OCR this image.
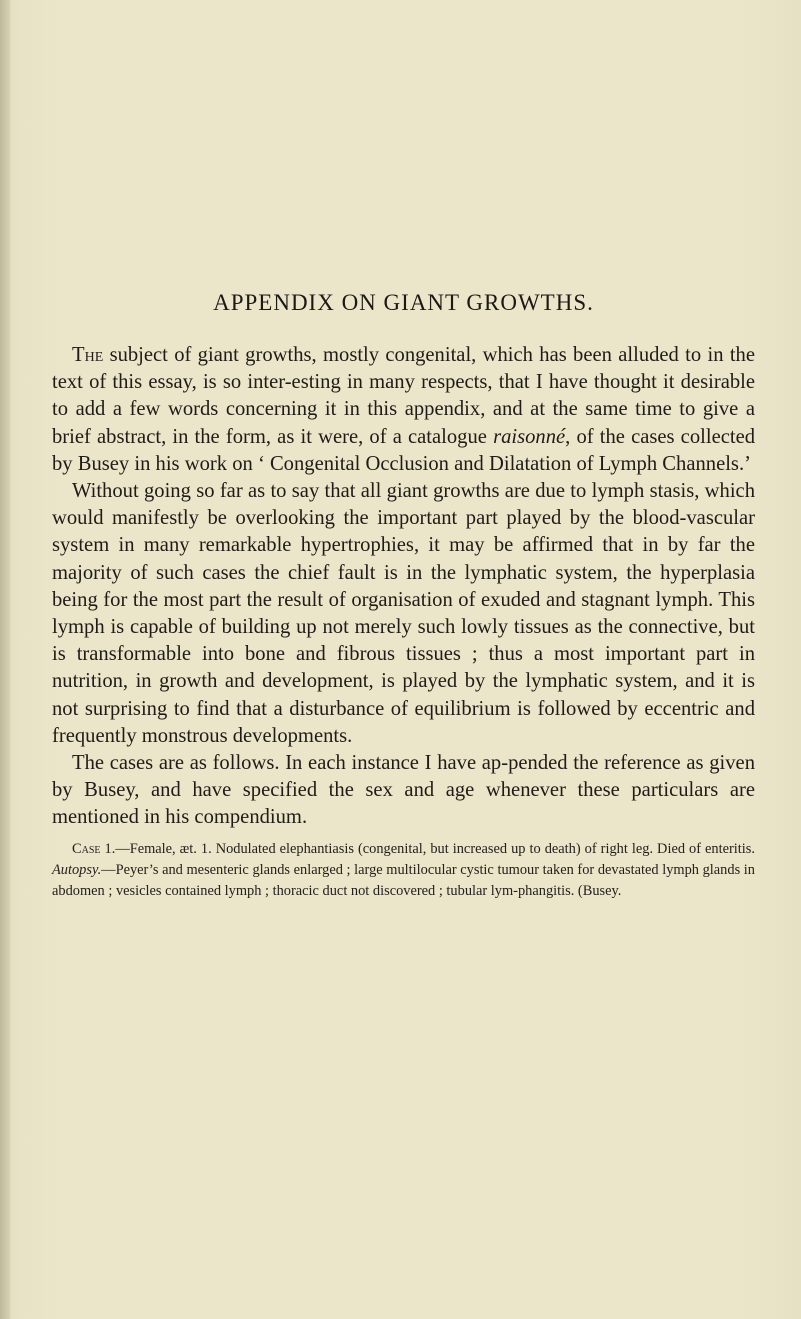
APPENDIX ON GIANT GROWTHS.

The subject of giant growths, mostly congenital, which has been alluded to in the text of this essay, is so inter-esting in many respects, that I have thought it desirable to add a few words concerning it in this appendix, and at the same time to give a brief abstract, in the form, as it were, of a catalogue raisonné, of the cases collected by Busey in his work on ‘ Congenital Occlusion and Dilatation of Lymph Channels.’

Without going so far as to say that all giant growths are due to lymph stasis, which would manifestly be overlooking the important part played by the blood-vascular system in many remarkable hypertrophies, it may be affirmed that in by far the majority of such cases the chief fault is in the lymphatic system, the hyperplasia being for the most part the result of organisation of exuded and stagnant lymph. This lymph is capable of building up not merely such lowly tissues as the connective, but is transformable into bone and fibrous tissues ; thus a most important part in nutrition, in growth and development, is played by the lymphatic system, and it is not surprising to find that a disturbance of equilibrium is followed by eccentric and frequently monstrous developments.

The cases are as follows. In each instance I have ap-pended the reference as given by Busey, and have specified the sex and age whenever these particulars are mentioned in his compendium.

Case 1.—Female, æt. 1. Nodulated elephantiasis (congenital, but increased up to death) of right leg. Died of enteritis. Autopsy.—Peyer’s and mesenteric glands enlarged ; large multilocular cystic tumour taken for devastated lymph glands in abdomen ; vesicles contained lymph ; thoracic duct not discovered ; tubular lym-phangitis. (Busey.
